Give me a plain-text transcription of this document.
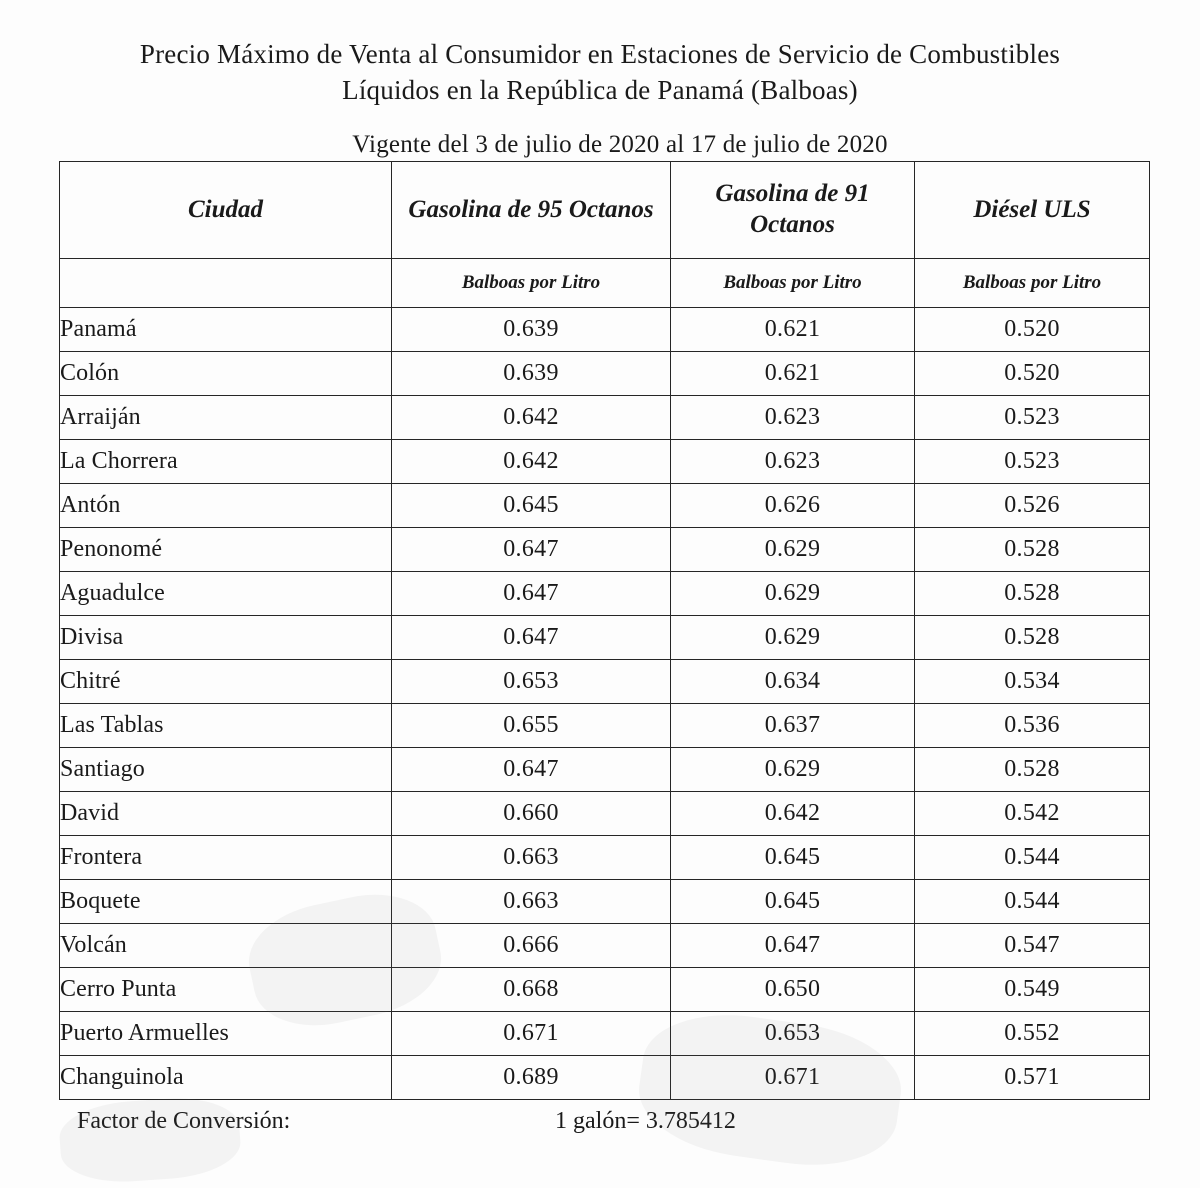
Precio Máximo de Venta al Consumidor en Estaciones de Servicio de Combustibles
Líquidos en la República de Panamá (Balboas)
Vigente del 3 de julio de 2020 al 17 de julio de 2020
Ciudad	Gasolina de 95 Octanos	Gasolina de 91 Octanos	Diésel ULS
	Balboas por Litro	Balboas por Litro	Balboas por Litro
Panamá	0.639	0.621	0.520
Colón	0.639	0.621	0.520
Arraiján	0.642	0.623	0.523
La Chorrera	0.642	0.623	0.523
Antón	0.645	0.626	0.526
Penonomé	0.647	0.629	0.528
Aguadulce	0.647	0.629	0.528
Divisa	0.647	0.629	0.528
Chitré	0.653	0.634	0.534
Las Tablas	0.655	0.637	0.536
Santiago	0.647	0.629	0.528
David	0.660	0.642	0.542
Frontera	0.663	0.645	0.544
Boquete	0.663	0.645	0.544
Volcán	0.666	0.647	0.547
Cerro Punta	0.668	0.650	0.549
Puerto Armuelles	0.671	0.653	0.552
Changuinola	0.689	0.671	0.571
Factor de Conversión:	1 galón= 3.785412
